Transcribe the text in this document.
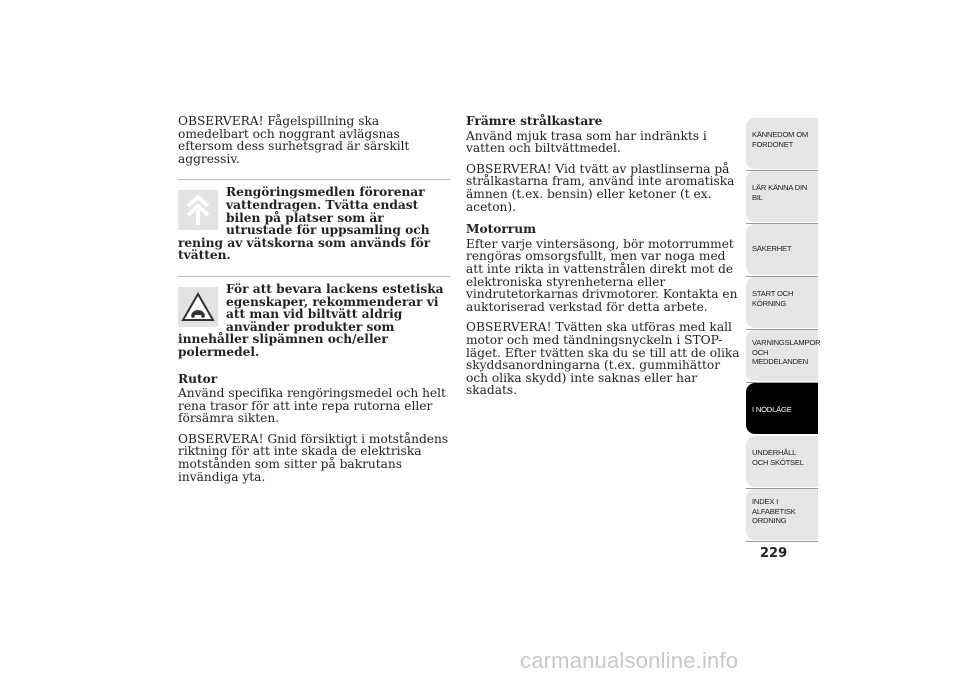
OBSERVERA! Fågelspillning ska omedelbart och noggrant avlägsnas eftersom dess surhetsgrad är särskilt aggressiv.

Rengöringsmedlen förorenar vattendragen. Tvätta endast bilen på platser som är utrustade för uppsamling och rening av vätskorna som används för tvätten.
För att bevara lackens estetiska egenskaper, rekommenderar vi att man vid biltvätt aldrig använder produkter som innehåller slipämnen och/eller polermedel.

Rutor

Använd specifika rengöringsmedel och helt rena trasor för att inte repa rutorna eller försämra sikten.

OBSERVERA! Gnid försiktigt i motståndens riktning för att inte skada de elektriska motstånden som sitter på bakrutans invändiga yta.

Främre strålkastare

Använd mjuk trasa som har indränkts i vatten och biltvättmedel.

OBSERVERA! Vid tvätt av plastlinserna på strålkastarna fram, använd inte aromatiska ämnen (t.ex. bensin) eller ketoner (t ex. aceton).

Motorrum

Efter varje vintersäsong, bör motorrummet rengöras omsorgsfullt, men var noga med att inte rikta in vattenstrålen direkt mot de elektroniska styrenheterna eller vindrutetorkarnas drivmotorer. Kontakta en auktoriserad verkstad för detta arbete.

OBSERVERA! Tvätten ska utföras med kall motor och med tändningsnyckeln i STOP-läget. Efter tvätten ska du se till att de olika skyddsanordningarna (t.ex. gummihättor och olika skydd) inte saknas eller har skadats.

KÄNNEDOM OM FORDONET
LÄR KÄNNA DIN BIL
SÄKERHET
START OCH KÖRNING
VARNINGSLAMPOR OCH MEDDELANDEN
I NÖDLÄGE
UNDERHÅLL OCH SKÖTSEL
INDEX I ALFABETISK ORDNING
229
carmanualsonline.info
